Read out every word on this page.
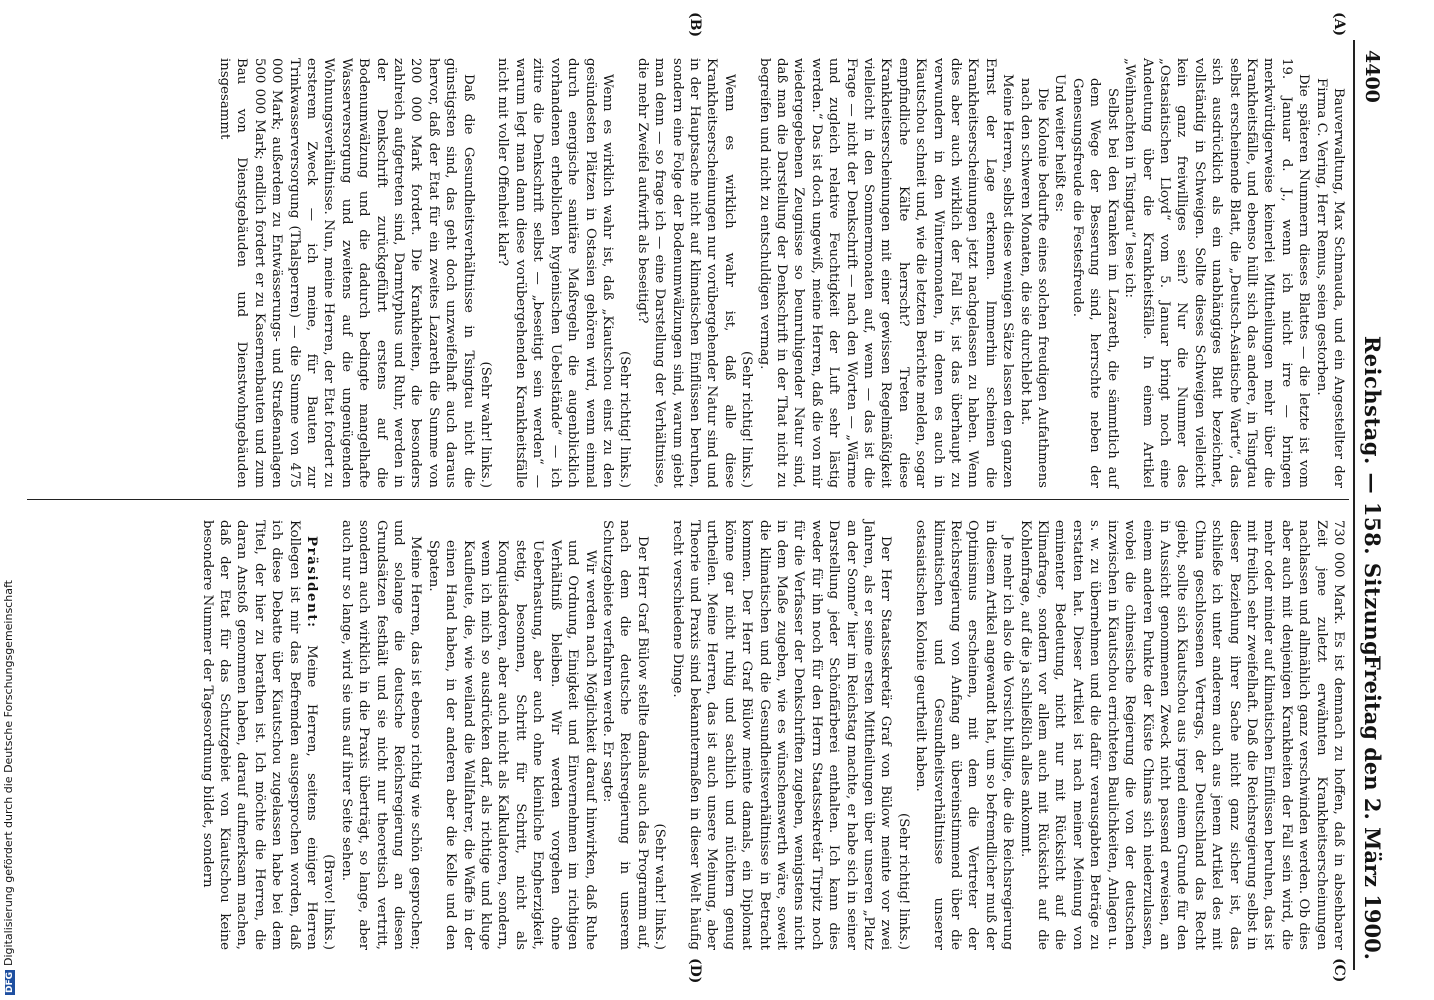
4400
Reichstag. — 158. Sitzung.
Freitag den 2. März 1900.
(A)
(B)
(C)
(D)

Bauverwaltung, Max Schmauda, und ein Angestellter der Firma C. Vering, Herr Remus, seien gestorben.

Die späteren Nummern dieses Blattes — die letzte ist vom 19. Januar d. J., wenn ich nicht irre — bringen merkwürdigerweise keinerlei Mittheilungen mehr über die Krankheitsfälle, und ebenso hüllt sich das andere, in Tsingtau selbst erscheinende Blatt, die „Deutsch-Asiatische Warte“, das sich ausdrücklich als ein unabhängiges Blatt bezeichnet, vollständig in Schweigen. Sollte dieses Schweigen vielleicht kein ganz freiwilliges sein? Nur die Nummer des „Ostasiatischen Lloyd“ vom 5. Januar bringt noch eine Andeutung über die Krankheitsfälle. In einem Artikel „Weihnachten in Tsingtau“ lese ich:

Selbst bei den Kranken im Lazareth, die sämmtlich auf dem Wege der Besserung sind, herrschte neben der Genesungsfreude die Festesfreude.

Und weiter heißt es:

Die Kolonie bedurfte eines solchen freudigen Aufathmens nach den schweren Monaten, die sie durchlebt hat.

Meine Herren, selbst diese wenigen Sätze lassen den ganzen Ernst der Lage erkennen. Immerhin scheinen die Krankheitserscheinungen jetzt nachgelassen zu haben. Wenn dies aber auch wirklich der Fall ist, ist das überhaupt zu verwundern in den Wintermonaten, in denen es auch in Kiautschou schneit und, wie die letzten Berichte melden, sogar empfindliche Kälte herrscht? Treten diese Krankheitserscheinungen mit einer gewissen Regelmäßigkeit vielleicht in den Sommermonaten auf, wenn — das ist die Frage — nicht der Denkschrift — nach den Worten — „Wärme und zugleich relative Feuchtigkeit der Luft sehr lästig werden.“ Das ist doch ungewiß, meine Herren, daß die von mir wiedergegebenen Zeugnisse so beunruhigender Natur sind, daß man die Darstellung der Denkschrift in der That nicht zu begreifen und nicht zu entschuldigen vermag.

(Sehr richtig! links.)

Wenn es wirklich wahr ist, daß alle diese Krankheitserscheinungen nur vorübergehender Natur sind und in der Hauptsache nicht auf klimatischen Einflüssen beruhen, sondern eine Folge der Bodenumwälzungen sind, warum giebt man denn — so frage ich — eine Darstellung der Verhältnisse, die mehr Zweifel aufwirft als beseitigt?

(Sehr richtig! links.)

Wenn es wirklich wahr ist, daß „Kiautschou einst zu den gesündesten Plätzen in Ostasien gehören wird, wenn einmal durch energische sanitäre Maßregeln die augenblicklich vorhandenen erheblichen hygienischen Uebelstände“ — ich zitire die Denkschrift selbst — „beseitigt sein werden“ — warum legt man dann diese vorübergehenden Krankheitsfälle nicht mit voller Offenheit klar?

(Sehr wahr! links.)

Daß die Gesundheitsverhältnisse in Tsingtau nicht die günstigsten sind, das geht doch unzweifelhaft auch daraus hervor, daß der Etat für ein zweites Lazareth die Summe von 200 000 Mark fordert. Die Krankheiten, die besonders zahlreich aufgetreten sind, Darmtyphus und Ruhr, werden in der Denkschrift zurückgeführt erstens auf die Bodenumwälzung und die dadurch bedingte mangelhafte Wasserversorgung und zweitens auf die ungenügenden Wohnungsverhältnisse. Nun, meine Herren, der Etat fordert zu ersterem Zweck — ich meine, für Bauten zur Trinkwasserversorgung (Thalsperren) — die Summe von 475 000 Mark; außerdem zu Entwässerungs- und Straßenanlagen 500 000 Mark; endlich fordert er zu Kasernenbauten und zum Bau von Dienstgebäuden und Dienstwohngebäuden insgesammt

730 000 Mark. Es ist demnach zu hoffen, daß in absehbarer Zeit jene zuletzt erwähnten Krankheitserscheinungen nachlassen und allmählich ganz verschwinden werden. Ob dies aber auch mit denjenigen Krankheiten der Fall sein wird, die mehr oder minder auf klimatischen Einflüssen beruhen, das ist mit freilich sehr zweifelhaft. Daß die Reichsregierung selbst in dieser Beziehung ihrer Sache nicht ganz sicher ist, das schließe ich unter anderem auch aus jenem Artikel des mit China geschlossenen Vertrags, der Deutschland das Recht giebt, sollte sich Kiautschou aus irgend einem Grunde für den in Aussicht genommenen Zweck nicht passend erweisen, an einem anderen Punkte der Küste Chinas sich niederzulassen, wobei die chinesische Regierung die von der deutschen inzwischen in Kiautschou errichteten Baulichkeiten, Anlagen u. s. w. zu übernehmen und die dafür verausgabten Beträge zu erstatten hat. Dieser Artikel ist nach meiner Meinung von eminenter Bedeutung, nicht nur mit Rücksicht auf die Klimafrage, sondern vor allem auch mit Rücksicht auf die Kohlenfrage, auf die ja schließlich alles ankommt.

Je mehr ich also die Vorsicht billige, die die Reichsregierung in diesem Artikel angewandt hat, um so befremdlicher muß der Optimismus erscheinen, mit dem die Vertreter der Reichsregierung von Anfang an übereinstimmend über die klimatischen und Gesundheitsverhältnisse unserer ostasiatischen Kolonie geurtheilt haben.

(Sehr richtig! links.)

Der Herr Staatssekretär Graf von Bülow meinte vor zwei Jahren, als er seine ersten Mittheilungen über unseren „Platz an der Sonne“ hier im Reichstag machte, er habe sich in seiner Darstellung jeder Schönfärberei enthalten. Ich kann dies weder für ihn noch für den Herrn Staatssekretär Tirpitz noch für die Verfasser der Denkschriften zugeben, wenigstens nicht in dem Maße zugeben, wie es wünschenswerth wäre, soweit die klimatischen und die Gesundheitsverhältnisse in Betracht kommen. Der Herr Graf Bülow meinte damals, ein Diplomat könne gar nicht ruhig und sachlich und nüchtern genug urtheilen. Meine Herren, das ist auch unsere Meinung, aber Theorie und Praxis sind bekanntermaßen in dieser Welt häufig recht verschiedene Dinge.

(Sehr wahr! links.)

Der Herr Graf Bülow stellte damals auch das Programm auf, nach dem die deutsche Reichsregierung in unserem Schutzgebiete verfahren werde. Er sagte:

Wir werden nach Möglichkeit darauf hinwirken, daß Ruhe und Ordnung, Einigkeit und Einvernehmen im richtigen Verhältniß bleiben. Wir werden vorgehen ohne Ueberhastung, aber auch ohne kleinliche Engherzigkeit, stetig, besonnen, Schritt für Schritt, nicht als Konquistadoren, aber auch nicht als Kalkulatoren, sondern, wenn ich mich so ausdrücken darf, als richtige und kluge Kaufleute, die, wie weiland die Wallfahrer, die Waffe in der einen Hand haben, in der anderen aber die Kelle und den Spaten.

Meine Herren, das ist ebenso richtig wie schön gesprochen; und solange die deutsche Reichsregierung an diesen Grundsätzen festhält und sie nicht nur theoretisch vertritt, sondern auch wirklich in die Praxis überträgt, so lange, aber auch nur so lange, wird sie uns auf ihrer Seite sehen.

(Bravo! links.)

Präsident: Meine Herren, seitens einiger Herren Kollegen ist mir das Befremden ausgesprochen worden, daß ich diese Debatte über Kiautschou zugelassen habe bei dem Titel, der hier zu berathen ist. Ich möchte die Herren, die daran Anstoß genommen haben, darauf aufmerksam machen, daß der Etat für das Schutzgebiet von Kiautschou keine besondere Nummer der Tagesordnung bildet, sondern

DFGDigitalisierung gefördert durch die Deutsche Forschungsgemeinschaft
